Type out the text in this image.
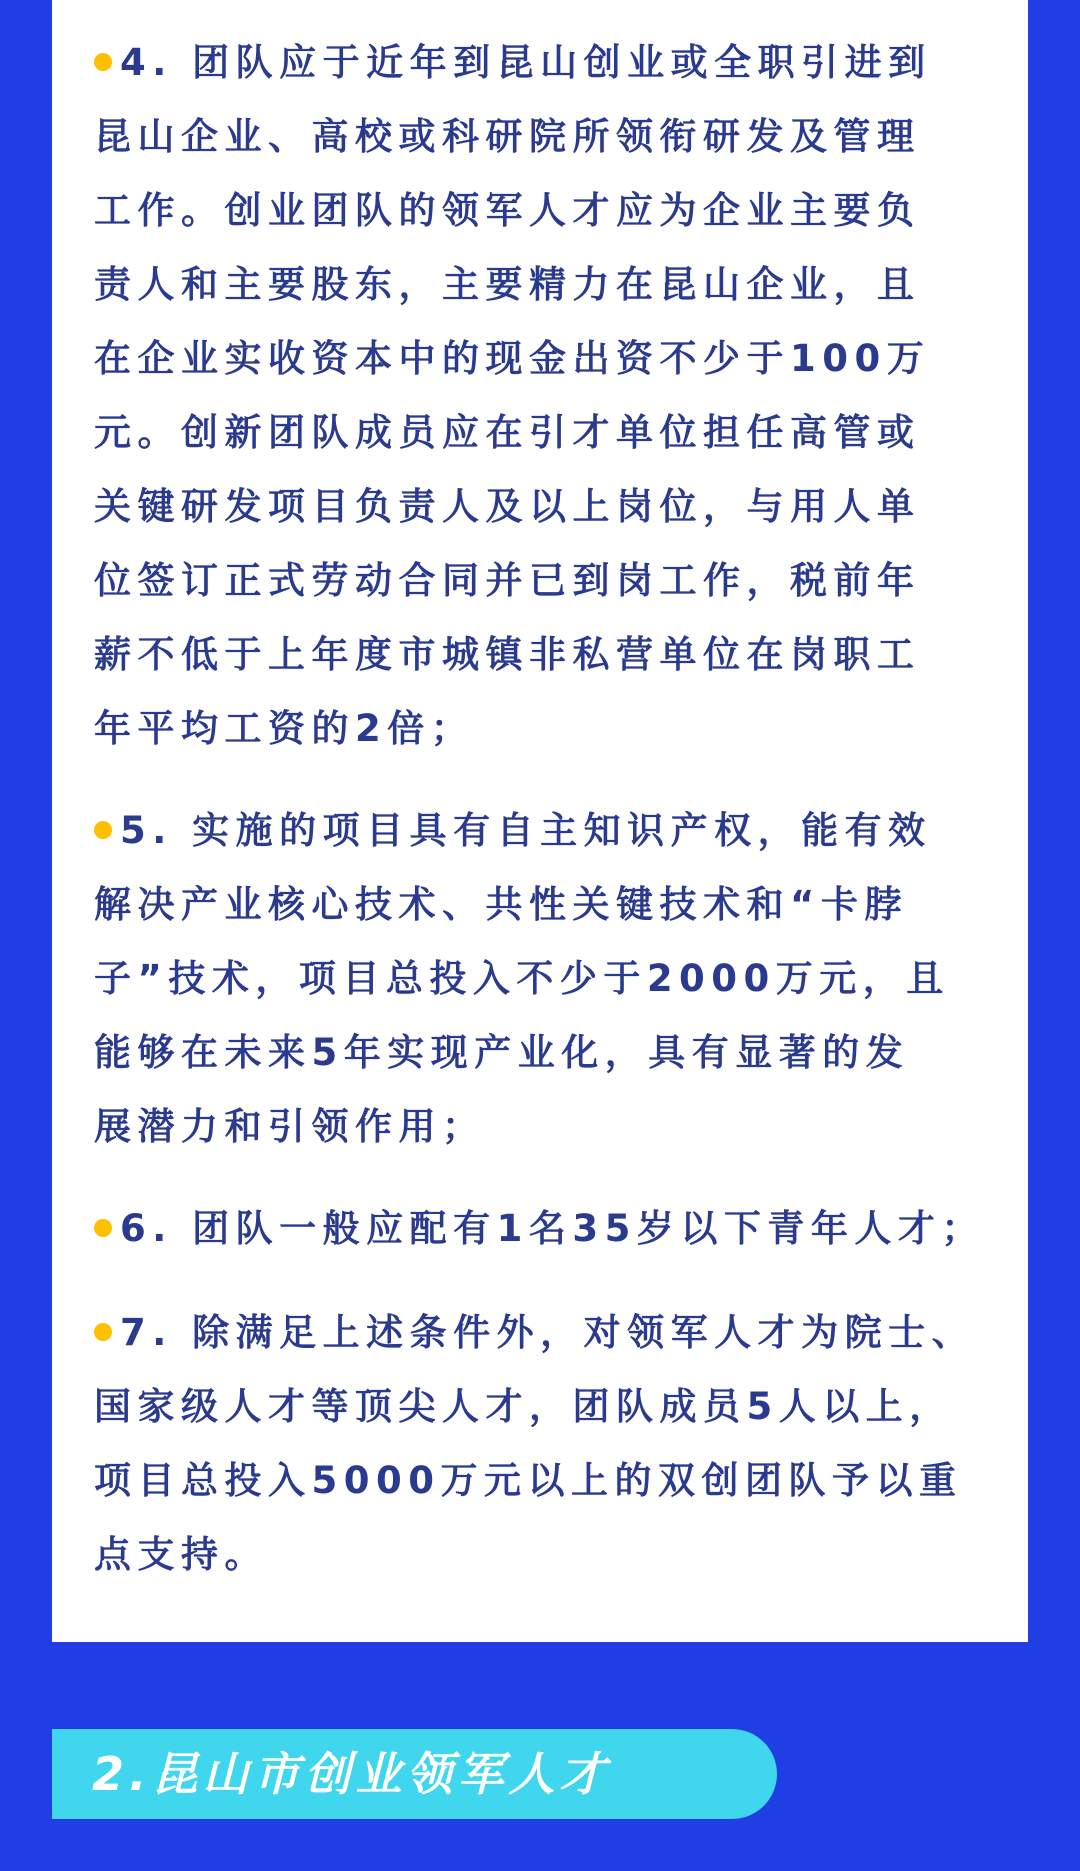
4. 团队应于近年到昆山创业或全职引进到
昆山企业、高校或科研院所领衔研发及管理
工作。创业团队的领军人才应为企业主要负
责人和主要股东，主要精力在昆山企业，且
在企业实收资本中的现金出资不少于100万
元。创新团队成员应在引才单位担任高管或
关键研发项目负责人及以上岗位，与用人单
位签订正式劳动合同并已到岗工作，税前年
薪不低于上年度市城镇非私营单位在岗职工
年平均工资的2倍；

5. 实施的项目具有自主知识产权，能有效
解决产业核心技术、共性关键技术和“卡脖
子”技术，项目总投入不少于2000万元，且
能够在未来5年实现产业化，具有显著的发
展潜力和引领作用；

6. 团队一般应配有1名35岁以下青年人才；

7. 除满足上述条件外，对领军人才为院士、
国家级人才等顶尖人才，团队成员5人以上，
项目总投入5000万元以上的双创团队予以重
点支持。

2.昆山市创业领军人才
